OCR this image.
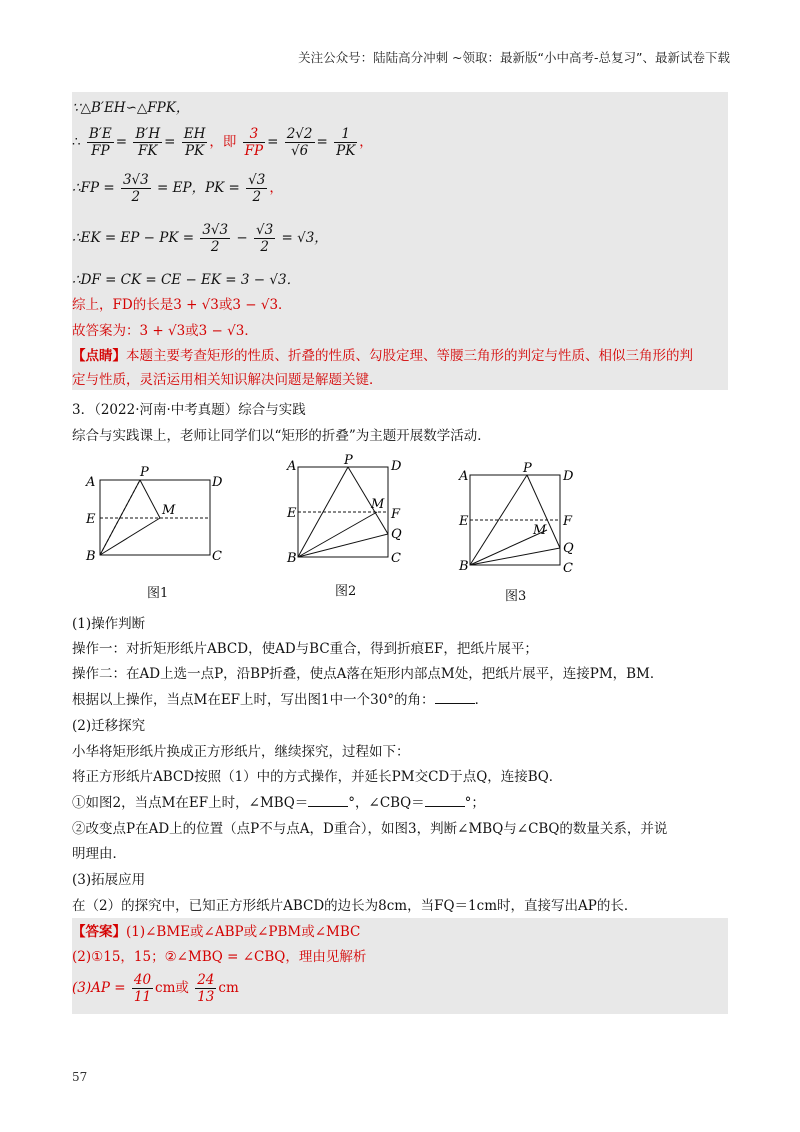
关注公众号：陆陆高分冲刺 ~领取：最新版“小中高考-总复习”、最新试卷下载
∵△B′EH∽△FPK，
∴ $\frac{B'E}{FP} = \frac{B'H}{FK} = \frac{EH}{PK}$ ，即 $\frac{3}{FP} = \frac{2√2}{√6} = \frac{1}{PK}$ ，
∴FP = $\frac{3√3}{2}$ = EP，PK = $\frac{√3}{2}$ ，
∴EK = EP − PK = $\frac{3√3}{2} - \frac{√3}{2} = √3$，
∴DF = CK = CE − EK = 3 − √3．
综上，FD的长是3 + √3或3 − √3．
故答案为：3 + √3或3 − √3．
【点睛】本题主要考查矩形的性质、折叠的性质、勾股定理、等腰三角形的判定与性质、相似三角形的判
定与性质，灵活运用相关知识解决问题是解题关键．
3．（2022·河南·中考真题）综合与实践
综合与实践课上，老师让同学们以“矩形的折叠”为主题开展数学活动．
A
E
B
D
C
P
M
图1
A
E
B
D
F
Q
C
P
M
图2
A
E
B
D
F
Q
C
P
M
图3
(1)操作判断
操作一：对折矩形纸片ABCD，使AD与BC重合，得到折痕EF，把纸片展平；
操作二：在AD上选一点P，沿BP折叠，使点A落在矩形内部点M处，把纸片展平，连接PM，BM．
根据以上操作，当点M在EF上时，写出图1中一个30°的角：	．
(2)迁移探究
小华将矩形纸片换成正方形纸片，继续探究，过程如下：
将正方形纸片ABCD按照（1）中的方式操作，并延长PM交CD于点Q，连接BQ．
①如图2，当点M在EF上时，∠MBQ＝	°，∠CBQ＝	°；
②改变点P在AD上的位置（点P不与点A，D重合），如图3，判断∠MBQ与∠CBQ的数量关系，并说
明理由．
(3)拓展应用
在（2）的探究中，已知正方形纸片ABCD的边长为8cm，当FQ＝1cm时，直接写出AP的长．
【答案】(1)∠BME或∠ABP或∠PBM或∠MBC
(2)①15，15；②∠MBQ = ∠CBQ，理由见解析
$(3)AP = \frac{40}{11}$ cm或 $\frac{24}{13}$ cm
57
